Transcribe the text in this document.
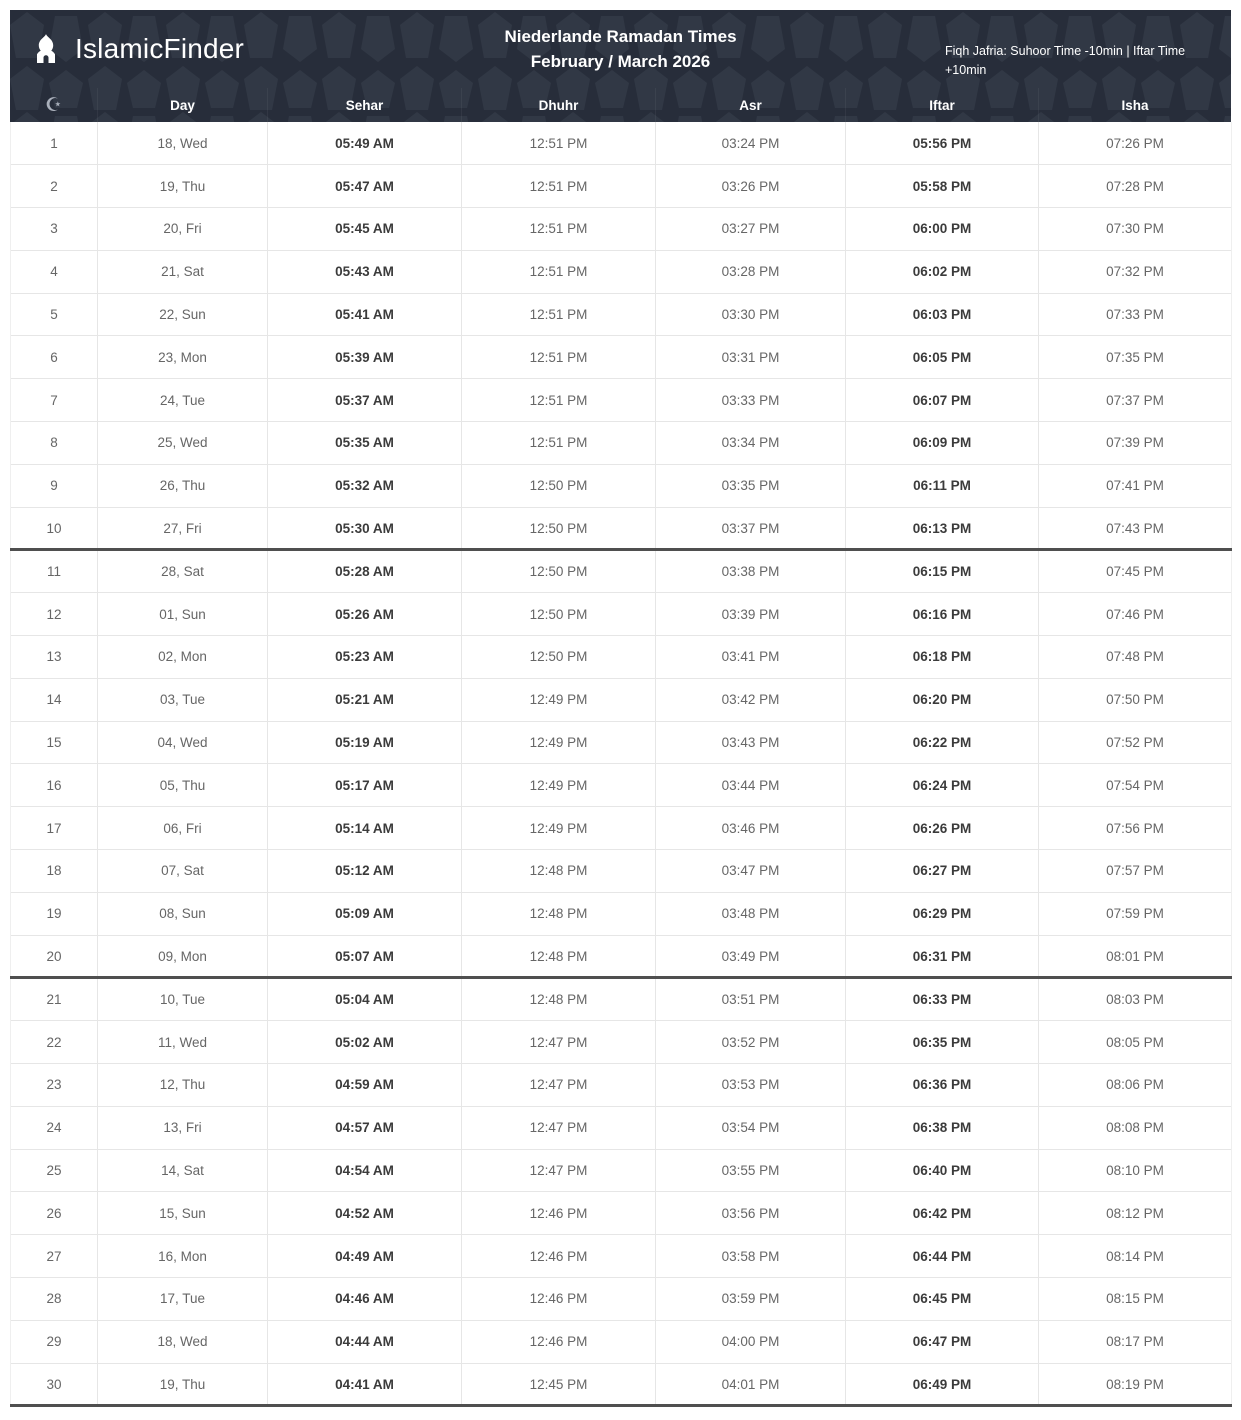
IslamicFinder	Niederlande Ramadan Times
February / March 2026
Fiqh Jafria: Suhoor Time -10min | Iftar Time +10min
☪	Day	Sehar	Dhuhr	Asr	Iftar	Isha
1	18, Wed	05:49 AM	12:51 PM	03:24 PM	05:56 PM	07:26 PM
2	19, Thu	05:47 AM	12:51 PM	03:26 PM	05:58 PM	07:28 PM
3	20, Fri	05:45 AM	12:51 PM	03:27 PM	06:00 PM	07:30 PM
4	21, Sat	05:43 AM	12:51 PM	03:28 PM	06:02 PM	07:32 PM
5	22, Sun	05:41 AM	12:51 PM	03:30 PM	06:03 PM	07:33 PM
6	23, Mon	05:39 AM	12:51 PM	03:31 PM	06:05 PM	07:35 PM
7	24, Tue	05:37 AM	12:51 PM	03:33 PM	06:07 PM	07:37 PM
8	25, Wed	05:35 AM	12:51 PM	03:34 PM	06:09 PM	07:39 PM
9	26, Thu	05:32 AM	12:50 PM	03:35 PM	06:11 PM	07:41 PM
10	27, Fri	05:30 AM	12:50 PM	03:37 PM	06:13 PM	07:43 PM
11	28, Sat	05:28 AM	12:50 PM	03:38 PM	06:15 PM	07:45 PM
12	01, Sun	05:26 AM	12:50 PM	03:39 PM	06:16 PM	07:46 PM
13	02, Mon	05:23 AM	12:50 PM	03:41 PM	06:18 PM	07:48 PM
14	03, Tue	05:21 AM	12:49 PM	03:42 PM	06:20 PM	07:50 PM
15	04, Wed	05:19 AM	12:49 PM	03:43 PM	06:22 PM	07:52 PM
16	05, Thu	05:17 AM	12:49 PM	03:44 PM	06:24 PM	07:54 PM
17	06, Fri	05:14 AM	12:49 PM	03:46 PM	06:26 PM	07:56 PM
18	07, Sat	05:12 AM	12:48 PM	03:47 PM	06:27 PM	07:57 PM
19	08, Sun	05:09 AM	12:48 PM	03:48 PM	06:29 PM	07:59 PM
20	09, Mon	05:07 AM	12:48 PM	03:49 PM	06:31 PM	08:01 PM
21	10, Tue	05:04 AM	12:48 PM	03:51 PM	06:33 PM	08:03 PM
22	11, Wed	05:02 AM	12:47 PM	03:52 PM	06:35 PM	08:05 PM
23	12, Thu	04:59 AM	12:47 PM	03:53 PM	06:36 PM	08:06 PM
24	13, Fri	04:57 AM	12:47 PM	03:54 PM	06:38 PM	08:08 PM
25	14, Sat	04:54 AM	12:47 PM	03:55 PM	06:40 PM	08:10 PM
26	15, Sun	04:52 AM	12:46 PM	03:56 PM	06:42 PM	08:12 PM
27	16, Mon	04:49 AM	12:46 PM	03:58 PM	06:44 PM	08:14 PM
28	17, Tue	04:46 AM	12:46 PM	03:59 PM	06:45 PM	08:15 PM
29	18, Wed	04:44 AM	12:46 PM	04:00 PM	06:47 PM	08:17 PM
30	19, Thu	04:41 AM	12:45 PM	04:01 PM	06:49 PM	08:19 PM
